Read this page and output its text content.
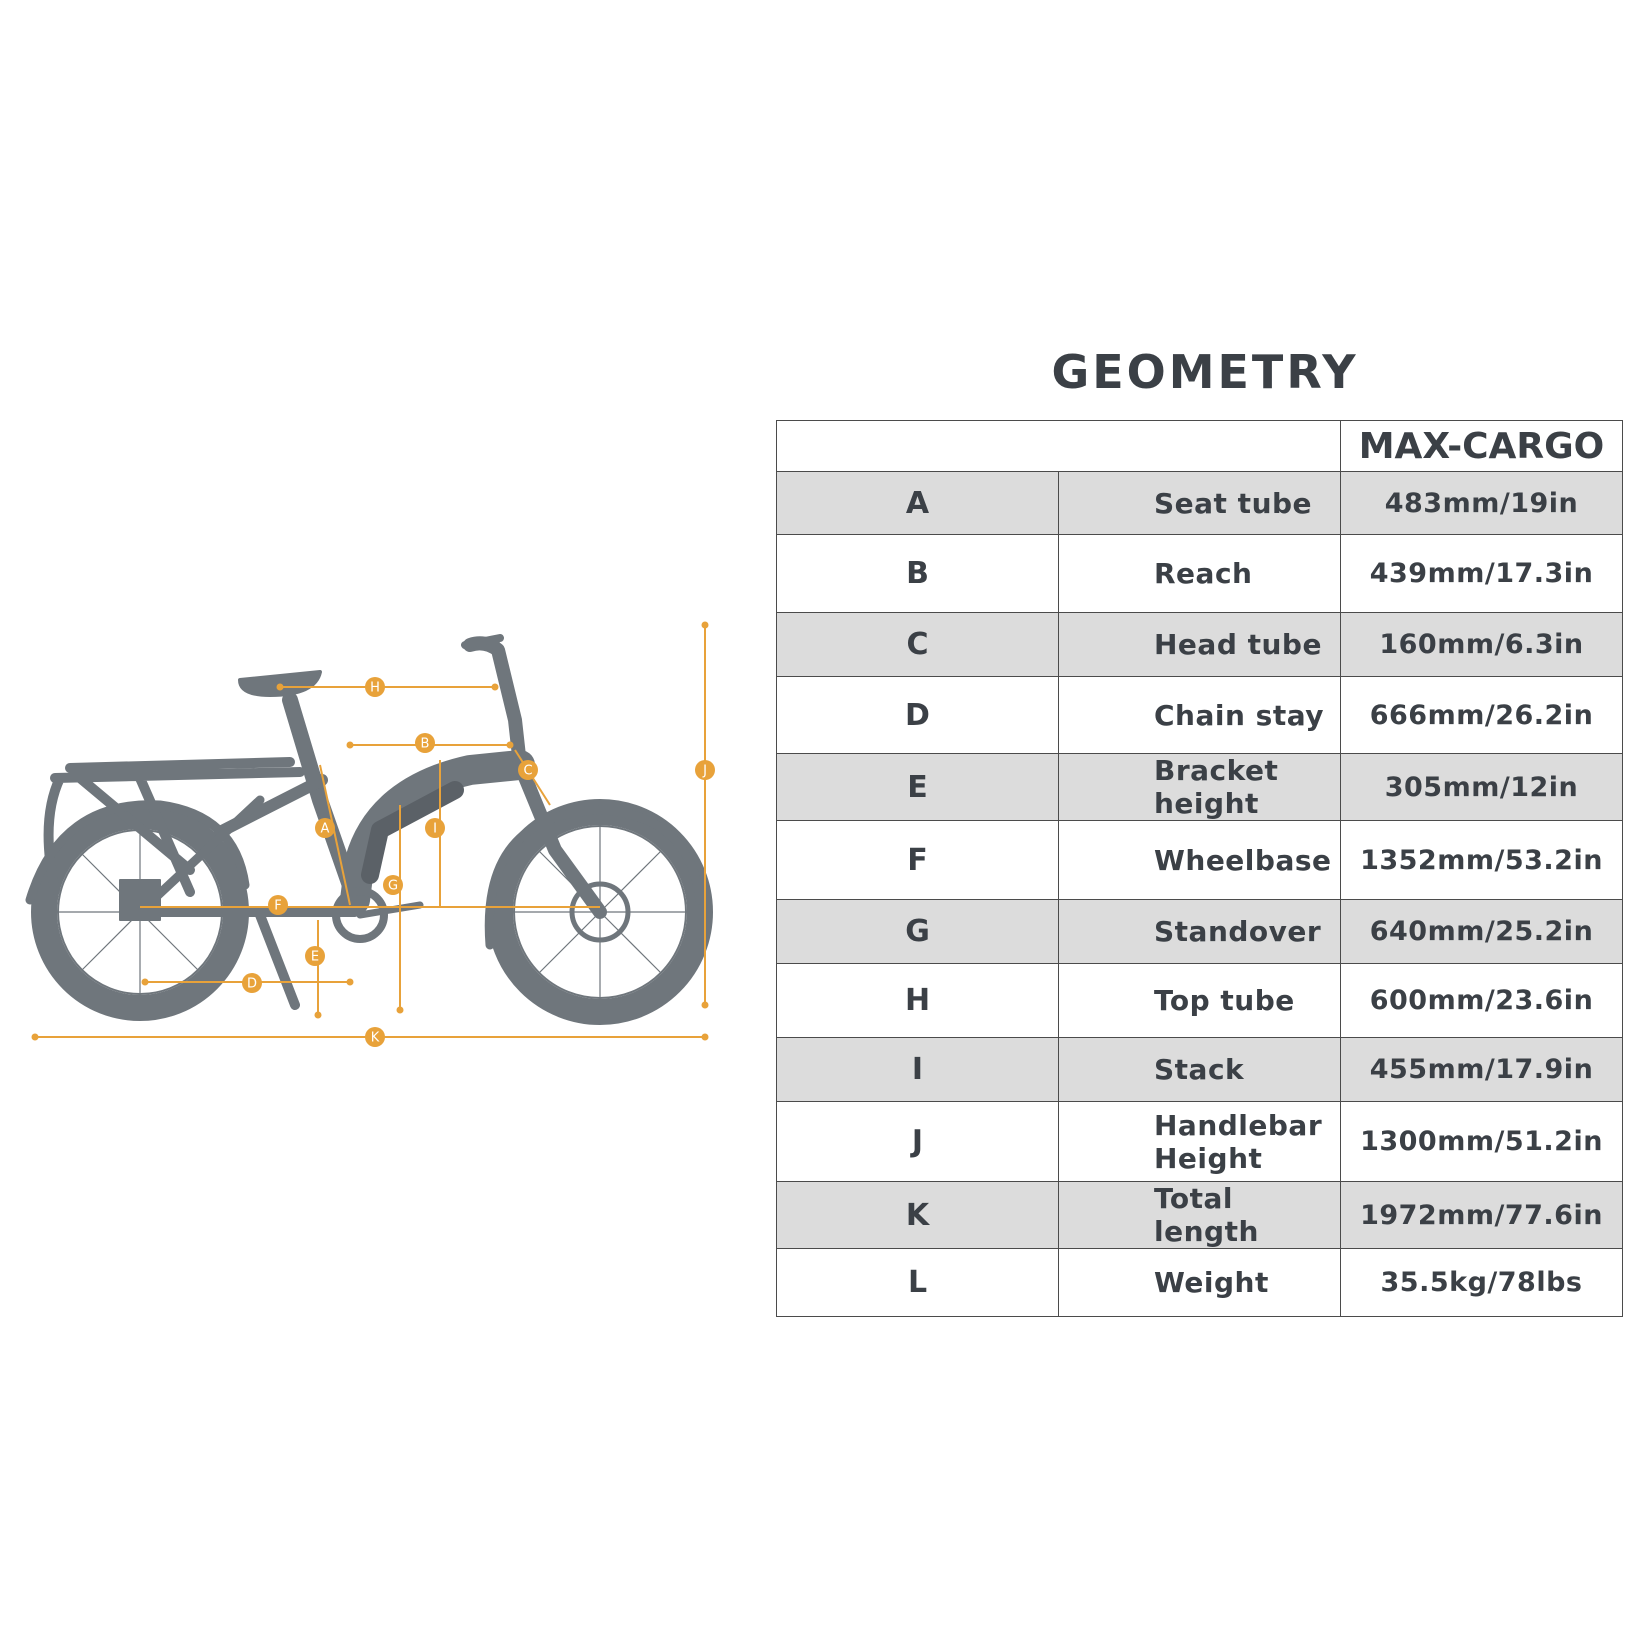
A
B
C
D
E
F
G
H
I
J
K
GEOMETRY
		MAX-CARGO
A	Seat tube	483mm/19in
B	Reach	439mm/17.3in
C	Head tube	160mm/6.3in
D	Chain stay	666mm/26.2in
E	Bracket height	305mm/12in
F	Wheelbase	1352mm/53.2in
G	Standover	640mm/25.2in
H	Top tube	600mm/23.6in
I	Stack	455mm/17.9in
J	Handlebar Height	1300mm/51.2in
K	Total length	1972mm/77.6in
L	Weight	35.5kg/78lbs
